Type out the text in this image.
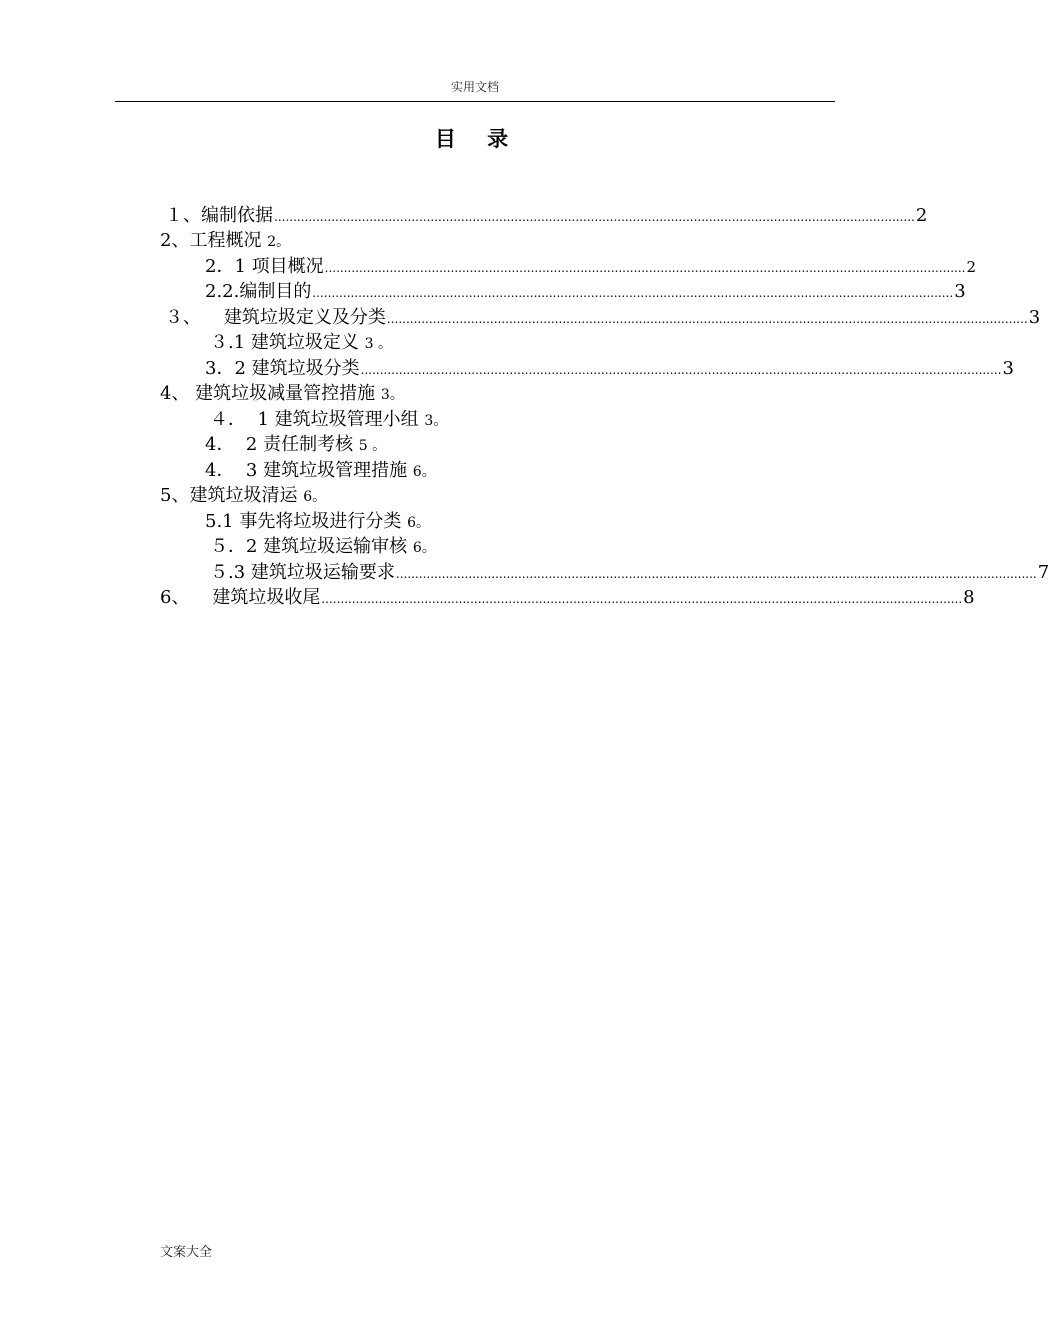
实用文档
目 录
１、编制依据 ........................................................................................................................................................................ 2
2、工程概况 2。
2．1 项目概况 ........................................................................................................................................................................ 2
2.2.编制目的 ........................................................................................................................................................................ 3
３、    建筑垃圾定义及分类 ........................................................................................................................................................................ 3
３.1 建筑垃圾定义 3 。
3．2 建筑垃圾分类 ........................................................................................................................................................................ 3
4、 建筑垃圾减量管控措施 3。
４．  1 建筑垃圾管理小组 3。
4．  2 责任制考核 5 。
4．  3 建筑垃圾管理措施 6。
5、建筑垃圾清运 6。
5.1 事先将垃圾进行分类 6。
５．2 建筑垃圾运输审核 6。
５.3 建筑垃圾运输要求 ........................................................................................................................................................................ 7
6、    建筑垃圾收尾 ........................................................................................................................................................................ 8
文案大全
